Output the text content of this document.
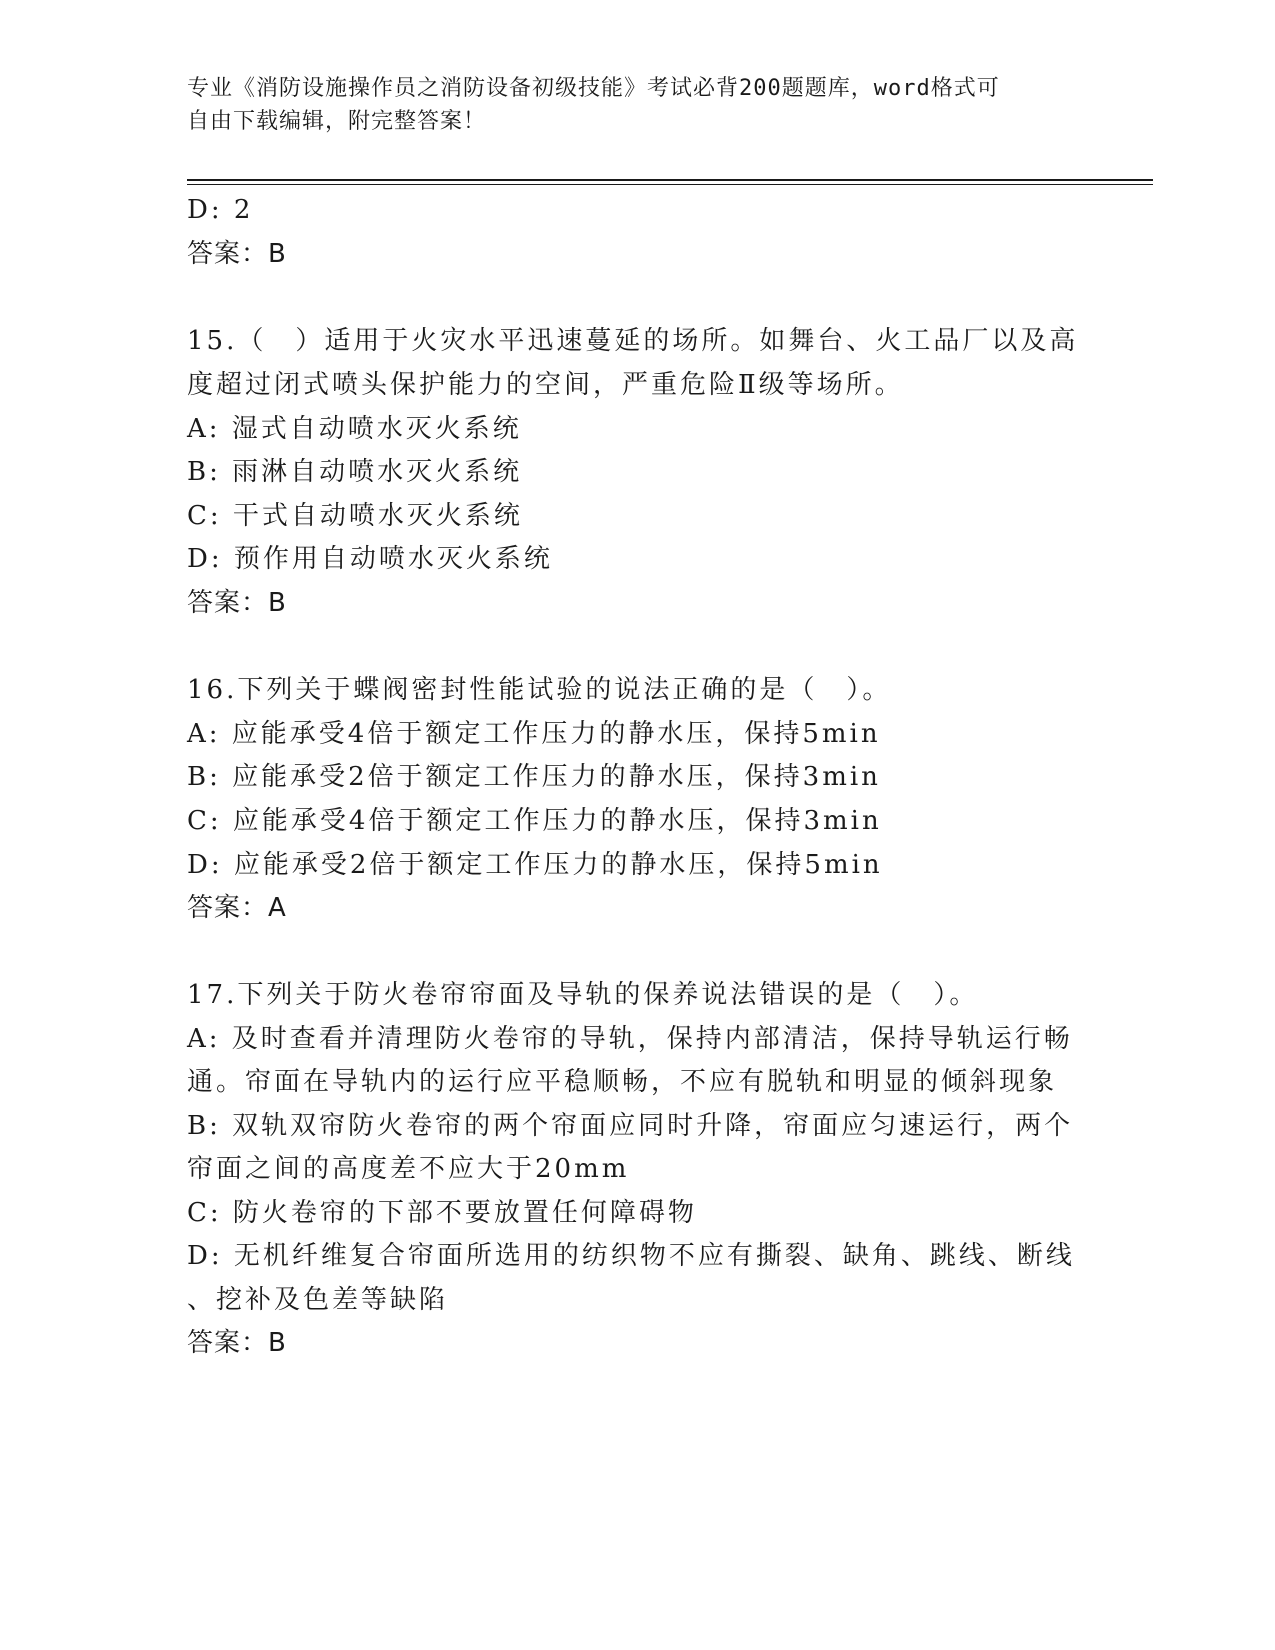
专业《消防设施操作员之消防设备初级技能》考试必背200题题库，word格式可
自由下载编辑，附完整答案！
D: 2
答案：B
15.（　）适用于火灾水平迅速蔓延的场所。如舞台、火工品厂以及高
度超过闭式喷头保护能力的空间，严重危险Ⅱ级等场所。
A: 湿式自动喷水灭火系统
B: 雨淋自动喷水灭火系统
C: 干式自动喷水灭火系统
D: 预作用自动喷水灭火系统
答案：B
16.下列关于蝶阀密封性能试验的说法正确的是（　）。
A: 应能承受4倍于额定工作压力的静水压，保持5min
B: 应能承受2倍于额定工作压力的静水压，保持3min
C: 应能承受4倍于额定工作压力的静水压，保持3min
D: 应能承受2倍于额定工作压力的静水压，保持5min
答案：A
17.下列关于防火卷帘帘面及导轨的保养说法错误的是（　）。
A: 及时查看并清理防火卷帘的导轨，保持内部清洁，保持导轨运行畅
通。帘面在导轨内的运行应平稳顺畅，不应有脱轨和明显的倾斜现象
B: 双轨双帘防火卷帘的两个帘面应同时升降，帘面应匀速运行，两个
帘面之间的高度差不应大于20mm
C: 防火卷帘的下部不要放置任何障碍物
D: 无机纤维复合帘面所选用的纺织物不应有撕裂、缺角、跳线、断线
、挖补及色差等缺陷
答案：B
